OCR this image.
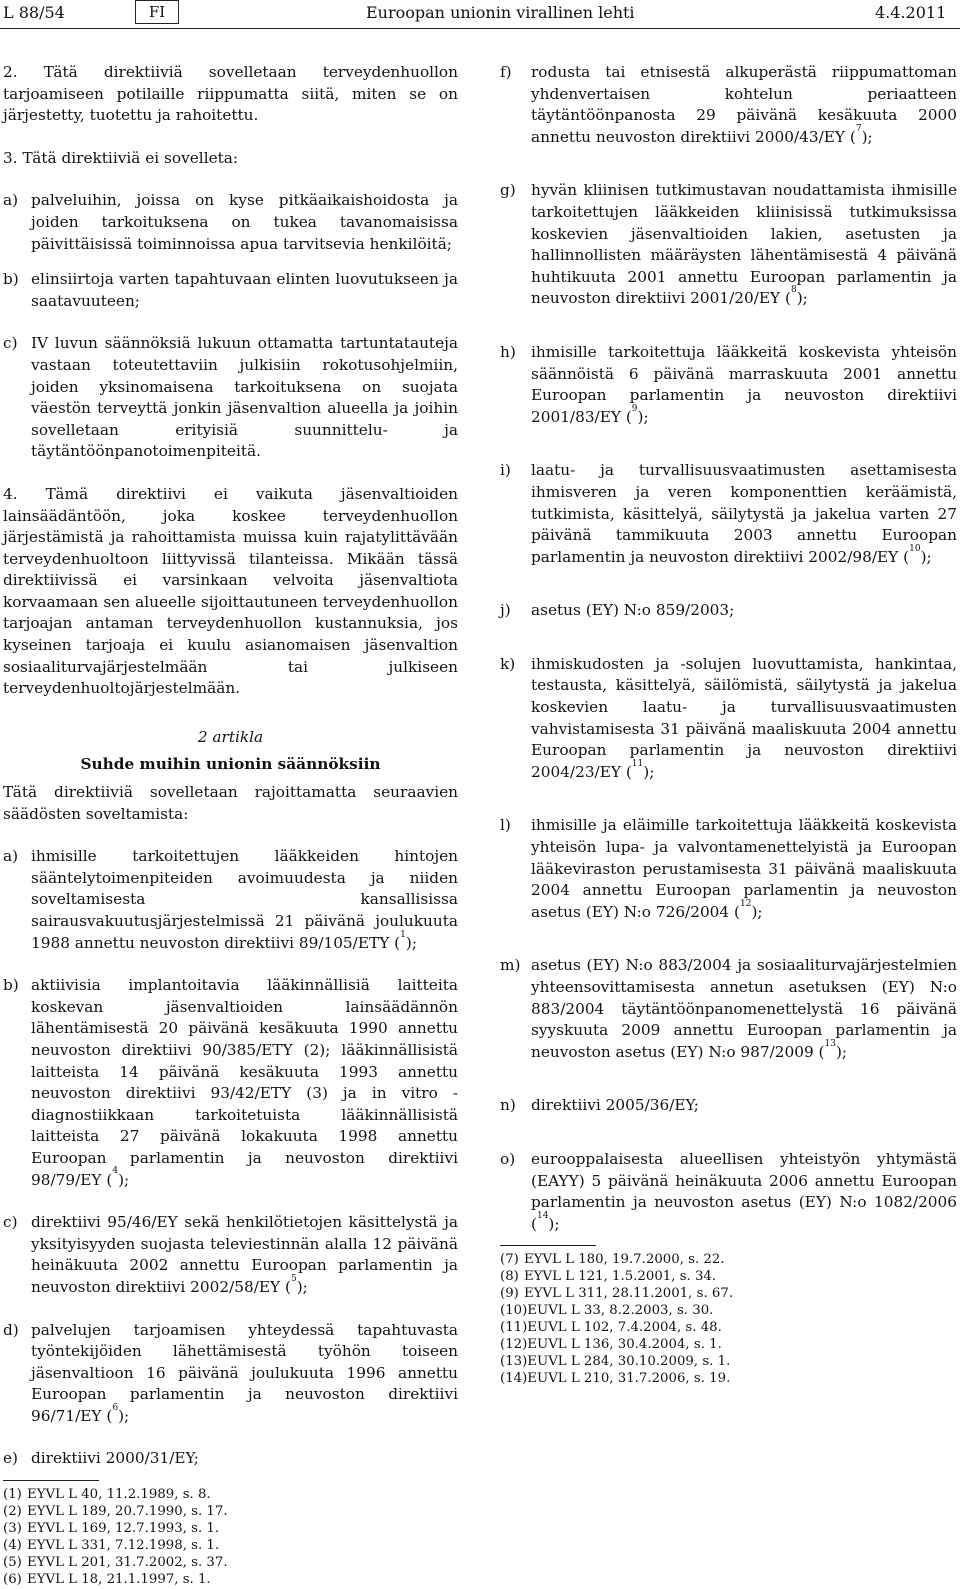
L 88/54	FI	Euroopan unionin virallinen lehti	4.4.2011

2. Tätä direktiiviä sovelletaan terveydenhuollon tarjoamiseen potilaille riippumatta siitä, miten se on järjestetty, tuotettu ja rahoitettu.

3. Tätä direktiiviä ei sovelleta:

a) palveluihin, joissa on kyse pitkäaikaishoidosta ja joiden tarkoituksena on tukea tavanomaisissa päivittäisissä toiminnoissa apua tarvitsevia henkilöitä;
b) elinsiirtoja varten tapahtuvaan elinten luovutukseen ja saatavuuteen;
c) IV luvun säännöksiä lukuun ottamatta tartuntatauteja vastaan toteutettaviin julkisiin rokotusohjelmiin, joiden yksinomaisena tarkoituksena on suojata väestön terveyttä jonkin jäsenvaltion alueella ja joihin sovelletaan erityisiä suunnittelu- ja täytäntöönpanotoimenpiteitä.

4. Tämä direktiivi ei vaikuta jäsenvaltioiden lainsäädäntöön, joka koskee terveydenhuollon järjestämistä ja rahoittamista muissa kuin rajatylittävään terveydenhuoltoon liittyvissä tilanteissa. Mikään tässä direktiivissä ei varsinkaan velvoita jäsenvaltiota korvaamaan sen alueelle sijoittautuneen terveydenhuollon tarjoajan antaman terveydenhuollon kustannuksia, jos kyseinen tarjoaja ei kuulu asianomaisen jäsenvaltion sosiaaliturvajärjestelmään tai julkiseen terveydenhuoltojärjestelmään.

2 artikla
Suhde muihin unionin säännöksiin

Tätä direktiiviä sovelletaan rajoittamatta seuraavien säädösten soveltamista:

a) ihmisille tarkoitettujen lääkkeiden hintojen sääntelytoimenpiteiden avoimuudesta ja niiden soveltamisesta kansallisissa sairausvakuutusjärjestelmissä 21 päivänä joulukuuta 1988 annettu neuvoston direktiivi 89/105/ETY ($^1$);
b) aktiivisia implantoitavia lääkinnällisiä laitteita koskevan jäsenvaltioiden lainsäädännön lähentämisestä 20 päivänä kesäkuuta 1990 annettu neuvoston direktiivi 90/385/ETY (2); lääkinnällisistä laitteista 14 päivänä kesäkuuta 1993 annettu neuvoston direktiivi 93/42/ETY (3) ja in vitro -diagnostiikkaan tarkoitetuista lääkinnällisistä laitteista 27 päivänä lokakuuta 1998 annettu Euroopan parlamentin ja neuvoston direktiivi 98/79/EY ($^4$);
c) direktiivi 95/46/EY sekä henkilötietojen käsittelystä ja yksityisyyden suojasta televiestinnän alalla 12 päivänä heinäkuuta 2002 annettu Euroopan parlamentin ja neuvoston direktiivi 2002/58/EY ($^5$);
d) palvelujen tarjoamisen yhteydessä tapahtuvasta työntekijöiden lähettämisestä työhön toiseen jäsenvaltioon 16 päivänä joulukuuta 1996 annettu Euroopan parlamentin ja neuvoston direktiivi 96/71/EY ($^6$);
e) direktiivi 2000/31/EY;
(1) EYVL L 40, 11.2.1989, s. 8.
(2) EYVL L 189, 20.7.1990, s. 17.
(3) EYVL L 169, 12.7.1993, s. 1.
(4) EYVL L 331, 7.12.1998, s. 1.
(5) EYVL L 201, 31.7.2002, s. 37.
(6) EYVL L 18, 21.1.1997, s. 1.
f)	rodusta tai etnisestä alkuperästä riippumattoman yhdenvertaisen kohtelun periaatteen täytäntöönpanosta 29 päivänä kesäkuuta 2000 annettu neuvoston direktiivi 2000/43/EY ($^7$);
g) hyvän kliinisen tutkimustavan noudattamista ihmisille tarkoitettujen lääkkeiden kliinisissä tutkimuksissa koskevien jäsenvaltioiden lakien, asetusten ja hallinnollisten määräysten lähentämisestä 4 päivänä huhtikuuta 2001 annettu Euroopan parlamentin ja neuvoston direktiivi 2001/20/EY ($^8$);
h) ihmisille tarkoitettuja lääkkeitä koskevista yhteisön säännöistä 6 päivänä marraskuuta 2001 annettu Euroopan parlamentin ja neuvoston direktiivi 2001/83/EY ($^9$);
i)	laatu- ja turvallisuusvaatimusten asettamisesta ihmisveren ja veren komponenttien keräämistä, tutkimista, käsittelyä, säilytystä ja jakelua varten 27 päivänä tammikuuta 2003 annettu Euroopan parlamentin ja neuvoston direktiivi 2002/98/EY ($^{10}$);
j)	asetus (EY) N:o 859/2003;
k)	ihmiskudosten ja -solujen luovuttamista, hankintaa, testausta, käsittelyä, säilömistä, säilytystä ja jakelua koskevien laatu- ja turvallisuusvaatimusten vahvistamisesta 31 päivänä maaliskuuta 2004 annettu Euroopan parlamentin ja neuvoston direktiivi 2004/23/EY ($^{11}$);
l)	ihmisille ja eläimille tarkoitettuja lääkkeitä koskevista yhteisön lupa- ja valvontamenettelyistä ja Euroopan lääkeviraston perustamisesta 31 päivänä maaliskuuta 2004 annettu Euroopan parlamentin ja neuvoston asetus (EY) N:o 726/2004 ($^{12}$);
m) asetus (EY) N:o 883/2004 ja sosiaaliturvajärjestelmien yhteensovittamisesta annetun asetuksen (EY) N:o 883/2004 täytäntöönpanomenettelystä 16 päivänä syyskuuta 2009 annettu Euroopan parlamentin ja neuvoston asetus (EY) N:o 987/2009 ($^{13}$);
n) direktiivi 2005/36/EY;
o)	eurooppalaisesta alueellisen yhteistyön yhtymästä (EAYY) 5 päivänä heinäkuuta 2006 annettu Euroopan parlamentin ja neuvoston asetus (EY) N:o 1082/2006 ($^{14}$);
(7) EYVL L 180, 19.7.2000, s. 22.
(8) EYVL L 121, 1.5.2001, s. 34.
(9) EYVL L 311, 28.11.2001, s. 67.
(10) EUVL L 33, 8.2.2003, s. 30.
(11) EUVL L 102, 7.4.2004, s. 48.
(12) EUVL L 136, 30.4.2004, s. 1.
(13) EUVL L 284, 30.10.2009, s. 1.
(14) EUVL L 210, 31.7.2006, s. 19.
